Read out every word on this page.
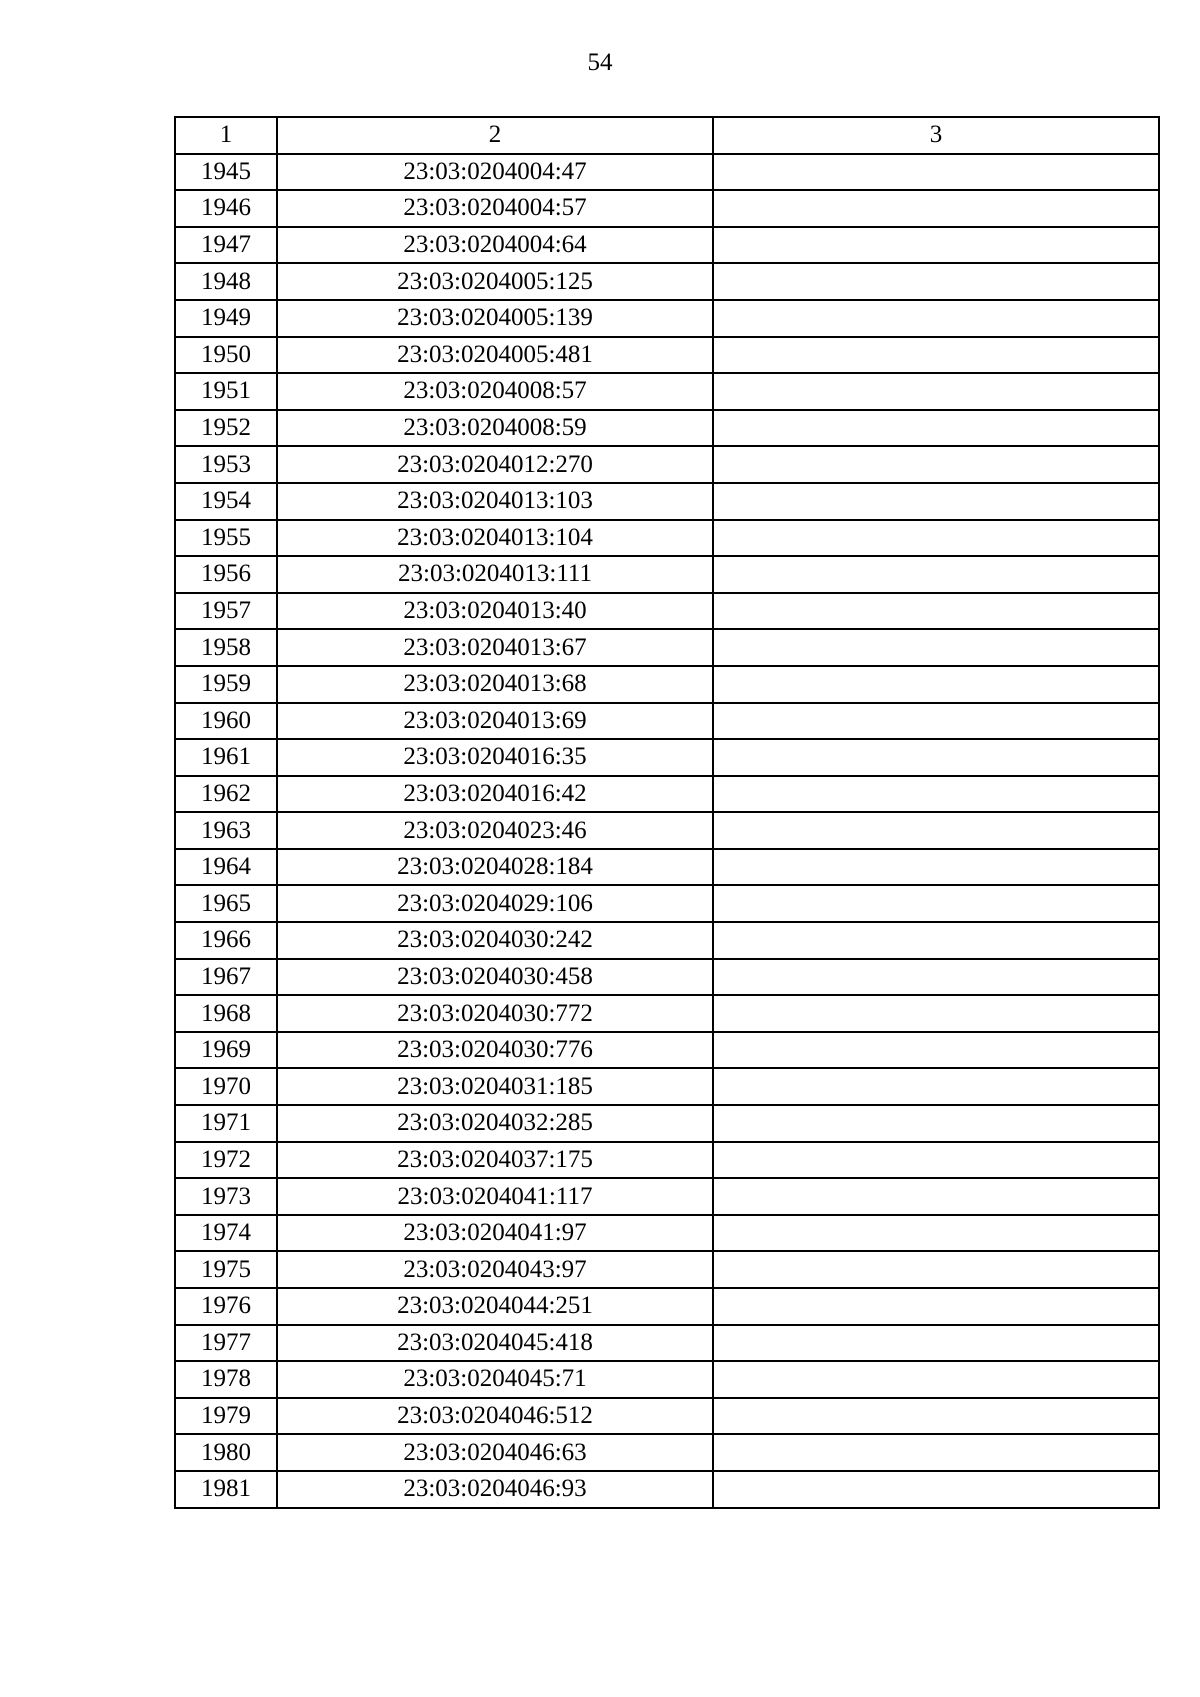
54
1	2	3
1945	23:03:0204004:47	
1946	23:03:0204004:57	
1947	23:03:0204004:64	
1948	23:03:0204005:125	
1949	23:03:0204005:139	
1950	23:03:0204005:481	
1951	23:03:0204008:57	
1952	23:03:0204008:59	
1953	23:03:0204012:270	
1954	23:03:0204013:103	
1955	23:03:0204013:104	
1956	23:03:0204013:111	
1957	23:03:0204013:40	
1958	23:03:0204013:67	
1959	23:03:0204013:68	
1960	23:03:0204013:69	
1961	23:03:0204016:35	
1962	23:03:0204016:42	
1963	23:03:0204023:46	
1964	23:03:0204028:184	
1965	23:03:0204029:106	
1966	23:03:0204030:242	
1967	23:03:0204030:458	
1968	23:03:0204030:772	
1969	23:03:0204030:776	
1970	23:03:0204031:185	
1971	23:03:0204032:285	
1972	23:03:0204037:175	
1973	23:03:0204041:117	
1974	23:03:0204041:97	
1975	23:03:0204043:97	
1976	23:03:0204044:251	
1977	23:03:0204045:418	
1978	23:03:0204045:71	
1979	23:03:0204046:512	
1980	23:03:0204046:63	
1981	23:03:0204046:93	
